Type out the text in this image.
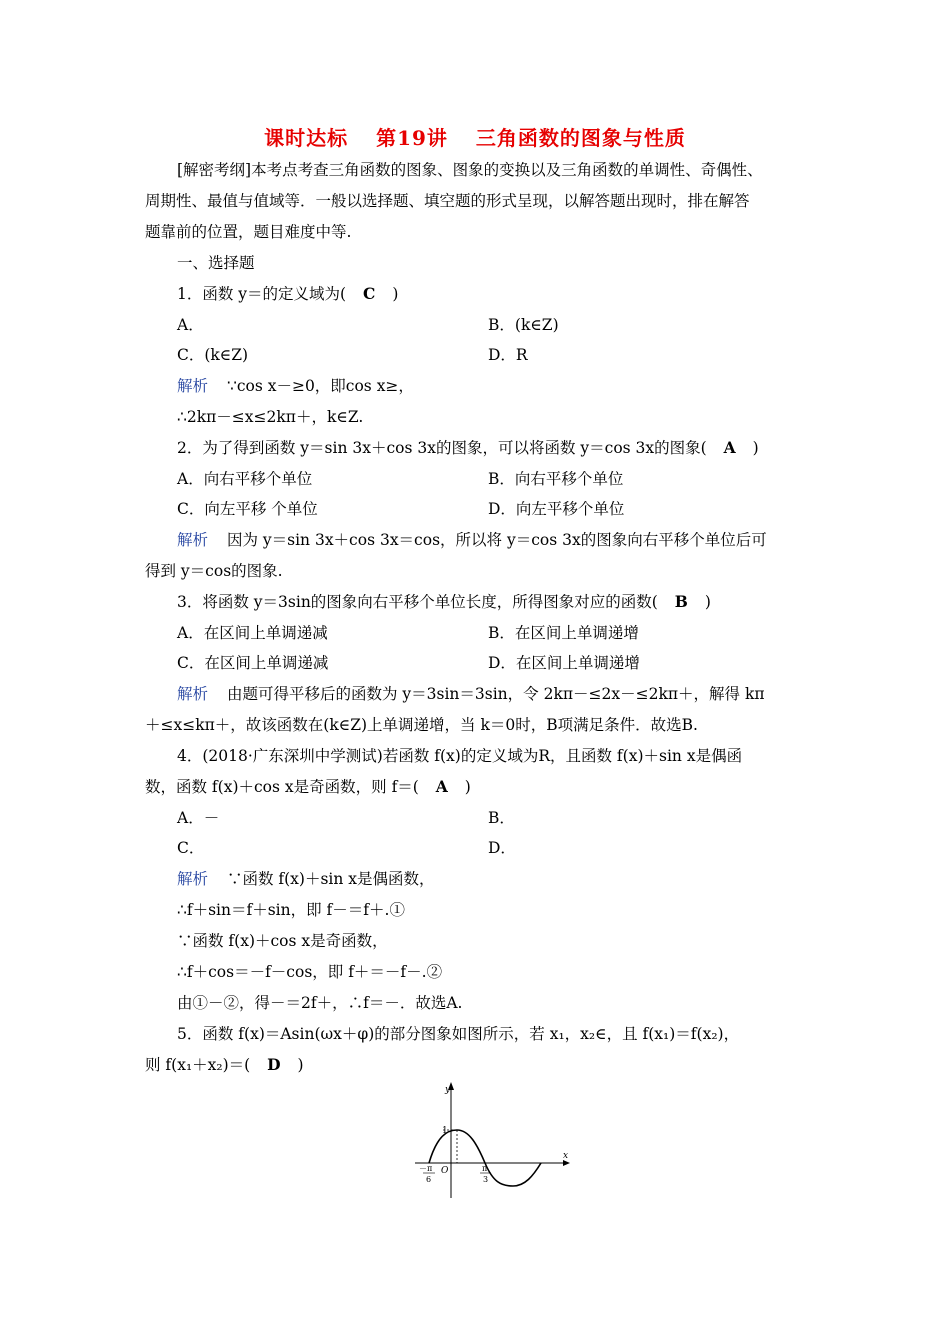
课时达标 第19讲 三角函数的图象与性质
[解密考纲]本考点考查三角函数的图象、图象的变换以及三角函数的单调性、奇偶性、
周期性、最值与值域等．一般以选择题、填空题的形式呈现，以解答题出现时，排在解答
题靠前的位置，题目难度中等.
一、选择题
1．函数 y＝的定义域为( C )
A．	B．(k∈Z)
C．(k∈Z)	D．R
解析 ∵cos x－≥0，即cos x≥，
∴2kπ－≤x≤2kπ＋，k∈Z.
2．为了得到函数 y＝sin 3x＋cos 3x的图象，可以将函数 y＝cos 3x的图象( A )
A．向右平移个单位	B．向右平移个单位
C．向左平移 个单位	D．向左平移个单位
解析 因为 y＝sin 3x＋cos 3x＝cos，所以将 y＝cos 3x的图象向右平移个单位后可
得到 y＝cos的图象.
3．将函数 y＝3sin的图象向右平移个单位长度，所得图象对应的函数( B )
A．在区间上单调递减	B．在区间上单调递增
C．在区间上单调递减	D．在区间上单调递增
解析 由题可得平移后的函数为 y＝3sin＝3sin，令 2kπ－≤2x－≤2kπ＋，解得 kπ
＋≤x≤kπ＋，故该函数在(k∈Z)上单调递增，当 k＝0时，B项满足条件．故选B.
4．(2018·广东深圳中学测试)若函数 f(x)的定义域为R，且函数 f(x)＋sin x是偶函
数，函数 f(x)＋cos x是奇函数，则 f＝( A )
A．－	B．
C．	D．
解析 ∵函数 f(x)＋sin x是偶函数，
∴f＋sin＝f＋sin，即 f－＝f＋.①
∵函数 f(x)＋cos x是奇函数，
∴f＋cos＝－f－cos，即 f＋＝－f－.②
由①－②，得－＝2f＋，∴f＝－．故选A.
5．函数 f(x)＝Asin(ωx＋φ)的部分图象如图所示，若 x₁，x₂∈，且 f(x₁)＝f(x₂)，
则 f(x₁＋x₂)＝( D )
y
x
O
1
－π
6
π
3
